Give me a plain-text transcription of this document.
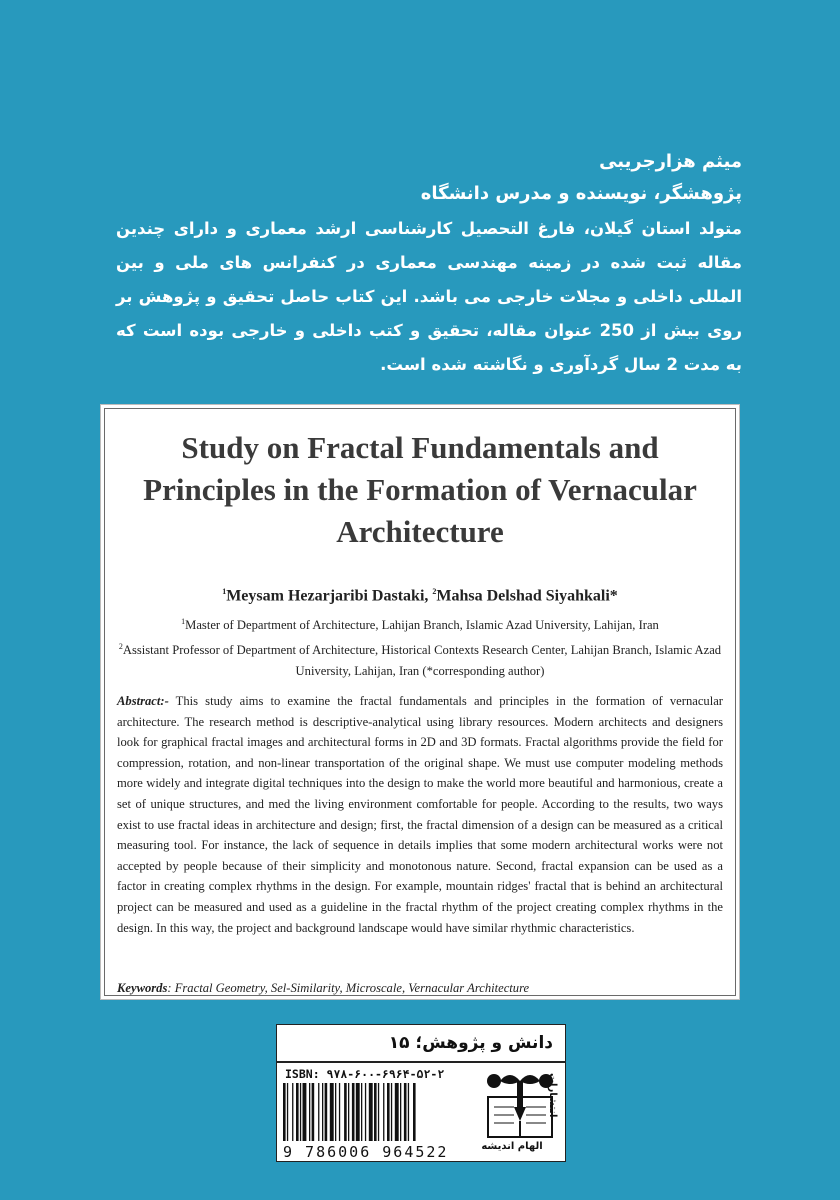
میثم هزارجریبی
پژوهشگر، نویسنده و مدرس دانشگاه
متولد استان گیلان، فارغ التحصیل کارشناسی ارشد معماری و دارای چندین مقاله ثبت شده در زمینه مهندسی معماری در کنفرانس های ملی و بین المللی داخلی و مجلات خارجی می باشد. این کتاب حاصل تحقیق و پژوهش بر روی بیش از 250 عنوان مقاله، تحقیق و کتب داخلی و خارجی بوده است که به مدت 2 سال گردآوری و نگاشته شده است.
Study on Fractal Fundamentals and
Principles in the Formation of Vernacular
Architecture
$^1$Meysam Hezarjaribi Dastaki, $^2$Mahsa Delshad Siyahkali*
$^1$Master of Department of Architecture, Lahijan Branch, Islamic Azad University, Lahijan, Iran
$^2$Assistant Professor of Department of Architecture, Historical Contexts Research Center, Lahijan Branch, Islamic Azad University, Lahijan, Iran (*corresponding author)
Abstract:- This study aims to examine the fractal fundamentals and principles in the formation of vernacular architecture. The research method is descriptive-analytical using library resources. Modern architects and designers look for graphical fractal images and architectural forms in 2D and 3D formats. Fractal algorithms provide the field for compression, rotation, and non-linear transportation of the original shape. We must use computer modeling methods more widely and integrate digital techniques into the design to make the world more beautiful and harmonious, create a set of unique structures, and med the living environment comfortable for people. According to the results, two ways exist to use fractal ideas in architecture and design; first, the fractal dimension of a design can be measured as a critical measuring tool. For instance, the lack of sequence in details implies that some modern architectural works were not accepted by people because of their simplicity and monotonous nature. Second, fractal expansion can be used as a factor in creating complex rhythms in the design. For example, mountain ridges' fractal that is behind an architectural project can be measured and used as a guideline in the fractal rhythm of the project creating complex rhythms in the design. In this way, the project and background landscape would have similar rhythmic characteristics.
Keywords: Fractal Geometry, Sel-Similarity, Microscale, Vernacular Architecture
دانش و پژوهش؛ ۱۵
ISBN: ۹۷۸-۶۰۰-۶۹۶۴-۵۲-۲
9 786006 964522	الهام اندیشه
انتشارات
